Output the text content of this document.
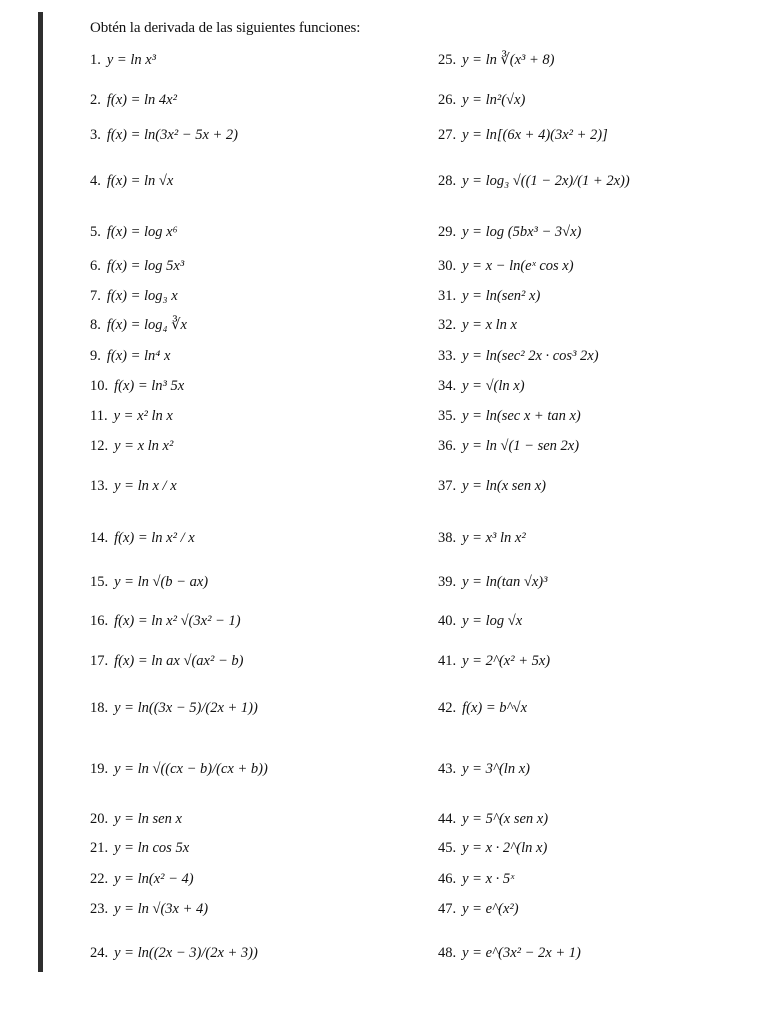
Obtén la derivada de las siguientes funciones:
1. y = ln x³
2. f(x) = ln 4x²
3. f(x) = ln(3x² − 5x + 2)
4. f(x) = ln √x
5. f(x) = log x⁶
6. f(x) = log 5x³
7. f(x) = log₃ x
8. f(x) = log₄ ∛x
9. f(x) = ln⁴ x
10. f(x) = ln³ 5x
11. y = x² ln x
12. y = x ln x²
13. y = ln x / x
14. f(x) = ln x² / x
15. y = ln √(b − ax)
16. f(x) = ln x² √(3x² − 1)
17. f(x) = ln ax √(ax² − b)
18. y = ln((3x − 5)/(2x + 1))
19. y = ln √((cx − b)/(cx + b))
20. y = ln sen x
21. y = ln cos 5x
22. y = ln(x² − 4)
23. y = ln √(3x + 4)
24. y = ln((2x − 3)/(2x + 3))
25. y = ln ∛(x³ + 8)
26. y = ln²(√x)
27. y = ln[(6x + 4)(3x² + 2)]
28. y = log₃ √((1 − 2x)/(1 + 2x))
29. y = log (5bx³ − 3√x)
30. y = x − ln(eˣ cos x)
31. y = ln(sen² x)
32. y = x ln x
33. y = ln(sec² 2x · cos³ 2x)
34. y = √(ln x)
35. y = ln(sec x + tan x)
36. y = ln √(1 − sen 2x)
37. y = ln(x sen x)
38. y = x³ ln x²
39. y = ln(tan √x)³
40. y = log √x
41. y = 2^(x² + 5x)
42. f(x) = b^√x
43. y = 3^(ln x)
44. y = 5^(x sen x)
45. y = x · 2^(ln x)
46. y = x · 5ˣ
47. y = e^(x²)
48. y = e^(3x² − 2x + 1)
